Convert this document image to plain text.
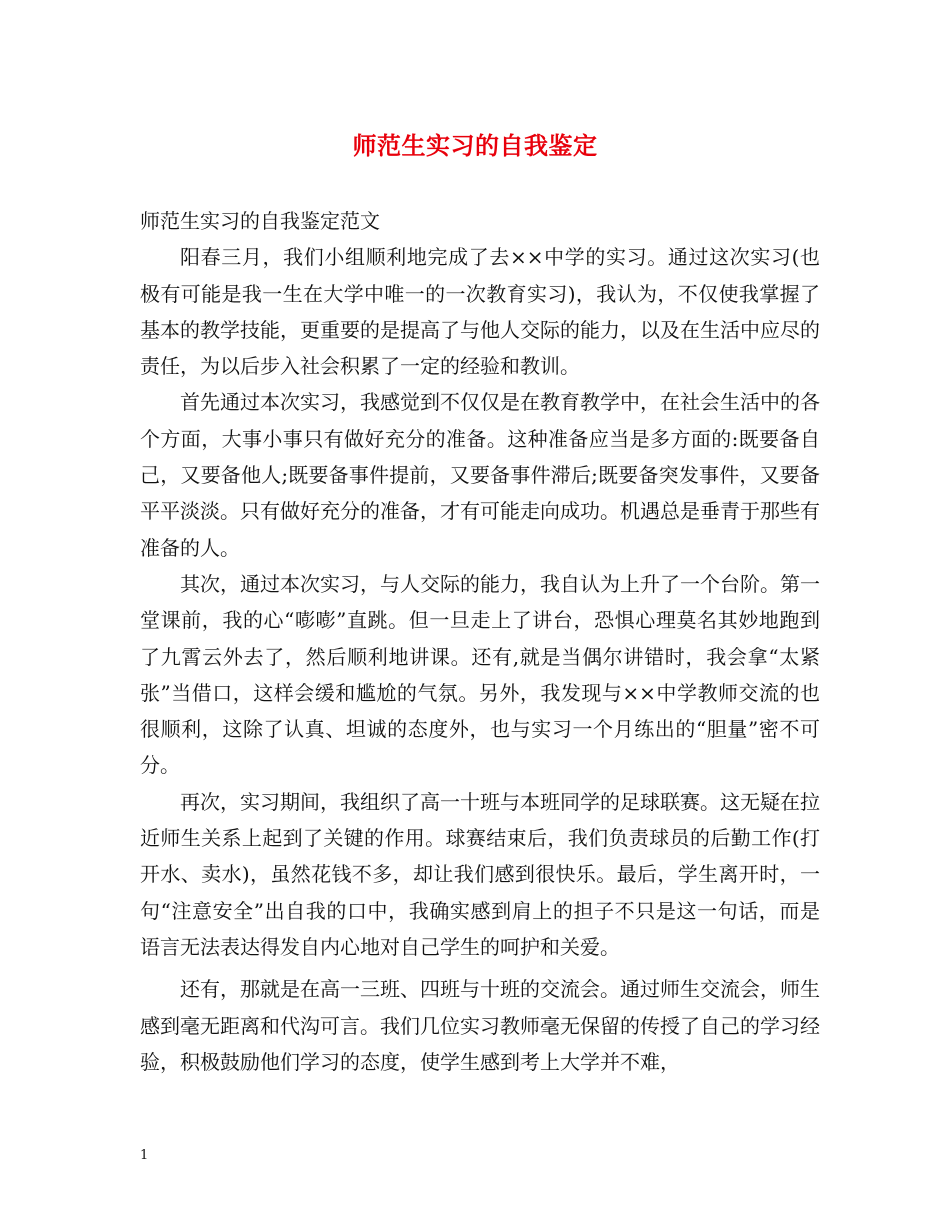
师范生实习的自我鉴定

师范生实习的自我鉴定范文

阳春三月，我们小组顺利地完成了去××中学的实习。通过这次实习(也极有可能是我一生在大学中唯一的一次教育实习)，我认为，不仅使我掌握了基本的教学技能，更重要的是提高了与他人交际的能力，以及在生活中应尽的责任，为以后步入社会积累了一定的经验和教训。

首先通过本次实习，我感觉到不仅仅是在教育教学中，在社会生活中的各个方面，大事小事只有做好充分的准备。这种准备应当是多方面的:既要备自己，又要备他人;既要备事件提前，又要备事件滞后;既要备突发事件，又要备平平淡淡。只有做好充分的准备，才有可能走向成功。机遇总是垂青于那些有准备的人。

其次，通过本次实习，与人交际的能力，我自认为上升了一个台阶。第一堂课前，我的心“嘭嘭”直跳。但一旦走上了讲台，恐惧心理莫名其妙地跑到了九霄云外去了，然后顺利地讲课。还有,就是当偶尔讲错时，我会拿“太紧张”当借口，这样会缓和尴尬的气氛。另外，我发现与××中学教师交流的也很顺利，这除了认真、坦诚的态度外，也与实习一个月练出的“胆量”密不可分。

再次，实习期间，我组织了高一十班与本班同学的足球联赛。这无疑在拉近师生关系上起到了关键的作用。球赛结束后，我们负责球员的后勤工作(打开水、卖水)，虽然花钱不多，却让我们感到很快乐。最后，学生离开时，一句“注意安全”出自我的口中，我确实感到肩上的担子不只是这一句话，而是语言无法表达得发自内心地对自己学生的呵护和关爱。

还有，那就是在高一三班、四班与十班的交流会。通过师生交流会，师生感到毫无距离和代沟可言。我们几位实习教师毫无保留的传授了自己的学习经验，积极鼓励他们学习的态度，使学生感到考上大学并不难，

1
